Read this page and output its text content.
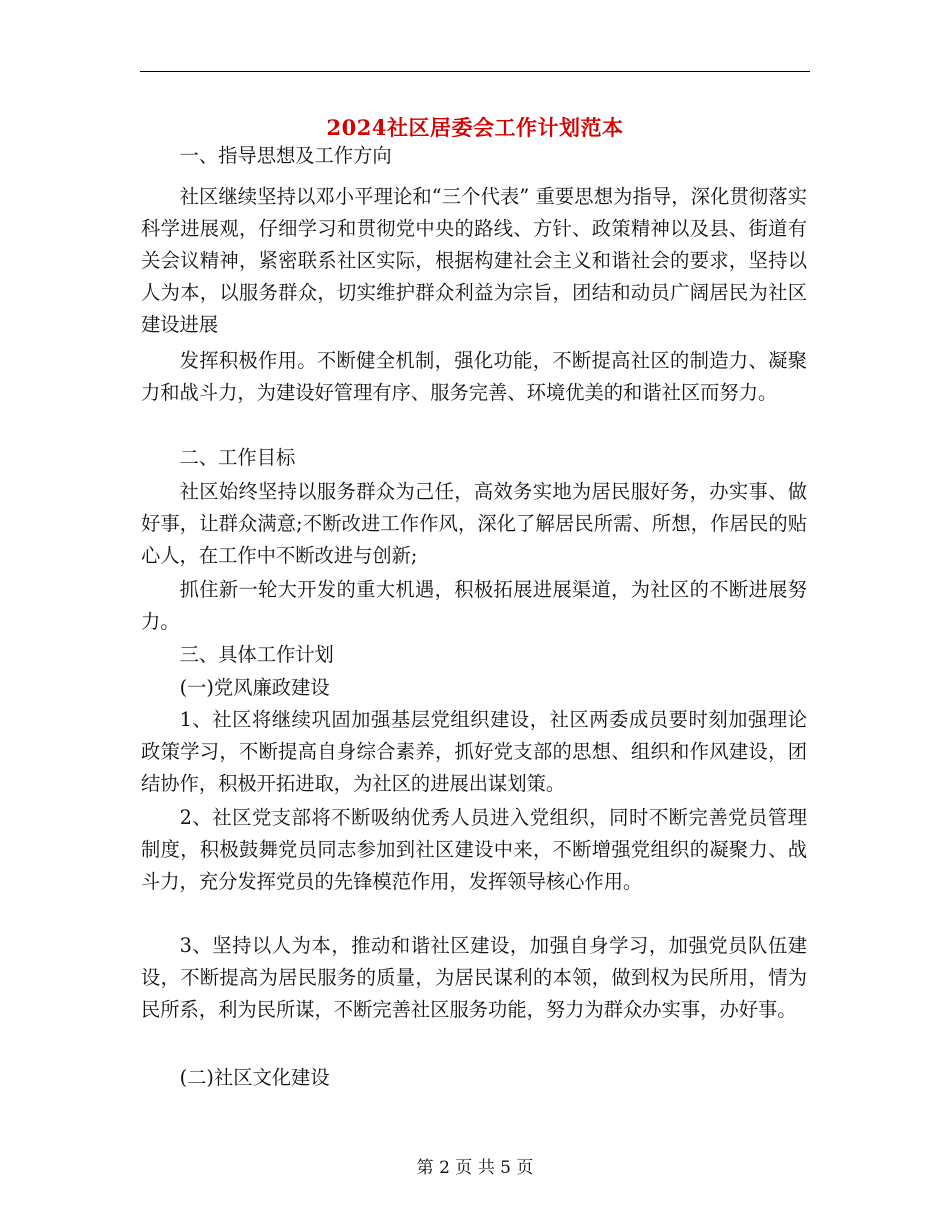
2024社区居委会工作计划范本

一、指导思想及工作方向

社区继续坚持以邓小平理论和“三个代表” 重要思想为指导，深化贯彻落实科学进展观，仔细学习和贯彻党中央的路线、方针、政策精神以及县、街道有关会议精神，紧密联系社区实际，根据构建社会主义和谐社会的要求，坚持以人为本，以服务群众，切实维护群众利益为宗旨，团结和动员广阔居民为社区建设进展

发挥积极作用。不断健全机制，强化功能，不断提高社区的制造力、凝聚力和战斗力，为建设好管理有序、服务完善、环境优美的和谐社区而努力。

二、工作目标

社区始终坚持以服务群众为己任，高效务实地为居民服好务，办实事、做好事，让群众满意;不断改进工作作风，深化了解居民所需、所想，作居民的贴心人，在工作中不断改进与创新;

抓住新一轮大开发的重大机遇，积极拓展进展渠道，为社区的不断进展努力。

三、具体工作计划

(一)党风廉政建设

1、社区将继续巩固加强基层党组织建设，社区两委成员要时刻加强理论政策学习，不断提高自身综合素养，抓好党支部的思想、组织和作风建设，团结协作，积极开拓进取，为社区的进展出谋划策。

2、社区党支部将不断吸纳优秀人员进入党组织，同时不断完善党员管理制度，积极鼓舞党员同志参加到社区建设中来，不断增强党组织的凝聚力、战斗力，充分发挥党员的先锋模范作用，发挥领导核心作用。

3、坚持以人为本，推动和谐社区建设，加强自身学习，加强党员队伍建设，不断提高为居民服务的质量，为居民谋利的本领，做到权为民所用，情为民所系，利为民所谋，不断完善社区服务功能，努力为群众办实事，办好事。

(二)社区文化建设

第 2 页 共 5 页
